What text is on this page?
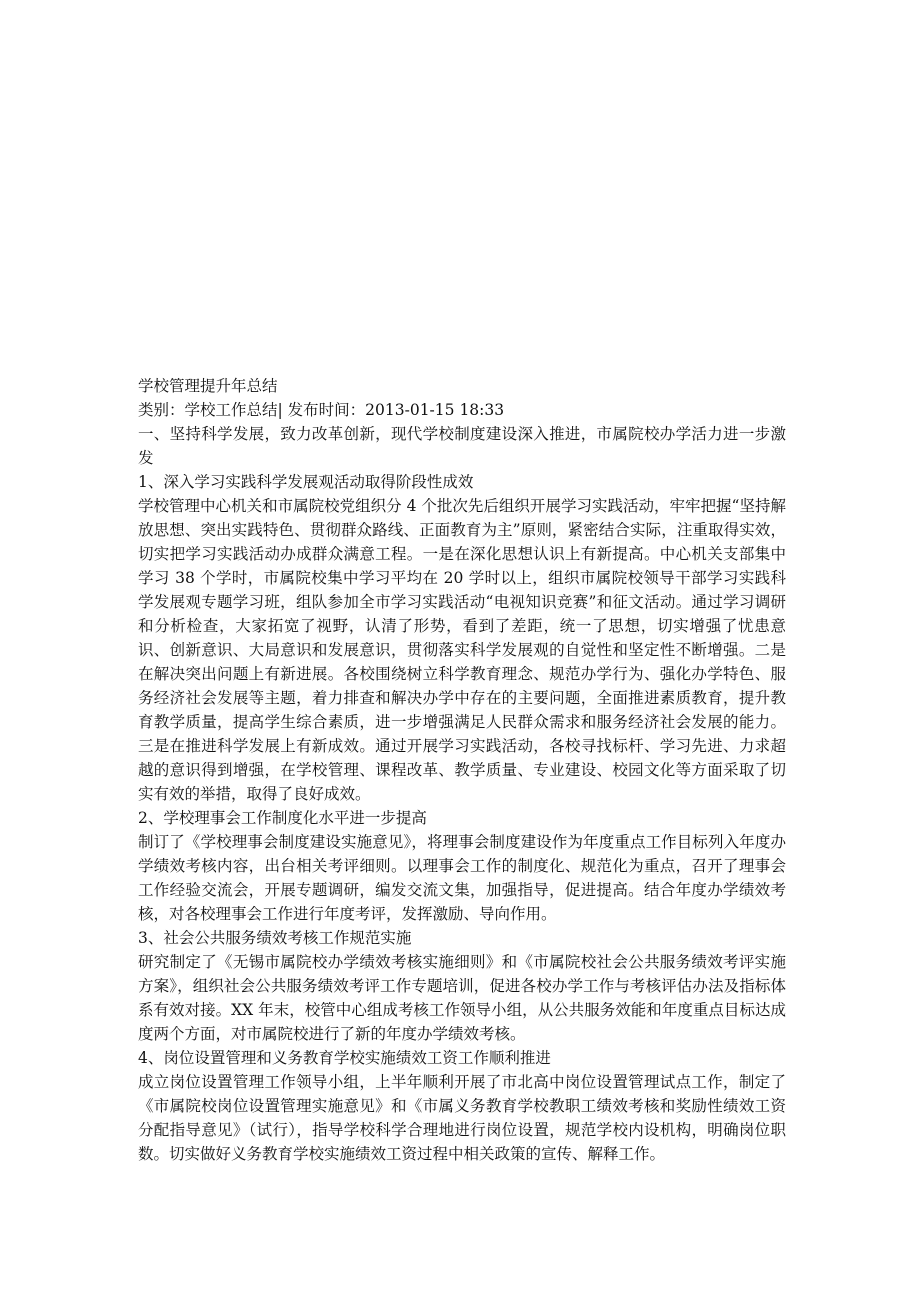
学校管理提升年总结

类别：学校工作总结| 发布时间：2013-01-15 18:33

一、坚持科学发展，致力改革创新，现代学校制度建设深入推进，市属院校办学活力进一步激发

1、深入学习实践科学发展观活动取得阶段性成效

学校管理中心机关和市属院校党组织分 4 个批次先后组织开展学习实践活动，牢牢把握“坚持解放思想、突出实践特色、贯彻群众路线、正面教育为主”原则，紧密结合实际，注重取得实效，切实把学习实践活动办成群众满意工程。一是在深化思想认识上有新提高。中心机关支部集中学习 38 个学时，市属院校集中学习平均在 20 学时以上，组织市属院校领导干部学习实践科学发展观专题学习班，组队参加全市学习实践活动“电视知识竞赛”和征文活动。通过学习调研和分析检查，大家拓宽了视野，认清了形势，看到了差距，统一了思想，切实增强了忧患意识、创新意识、大局意识和发展意识，贯彻落实科学发展观的自觉性和坚定性不断增强。二是在解决突出问题上有新进展。各校围绕树立科学教育理念、规范办学行为、强化办学特色、服务经济社会发展等主题，着力排查和解决办学中存在的主要问题，全面推进素质教育，提升教育教学质量，提高学生综合素质，进一步增强满足人民群众需求和服务经济社会发展的能力。三是在推进科学发展上有新成效。通过开展学习实践活动，各校寻找标杆、学习先进、力求超越的意识得到增强，在学校管理、课程改革、教学质量、专业建设、校园文化等方面采取了切实有效的举措，取得了良好成效。

2、学校理事会工作制度化水平进一步提高

制订了《学校理事会制度建设实施意见》，将理事会制度建设作为年度重点工作目标列入年度办学绩效考核内容，出台相关考评细则。以理事会工作的制度化、规范化为重点，召开了理事会工作经验交流会，开展专题调研，编发交流文集，加强指导，促进提高。结合年度办学绩效考核，对各校理事会工作进行年度考评，发挥激励、导向作用。

3、社会公共服务绩效考核工作规范实施

研究制定了《无锡市属院校办学绩效考核实施细则》和《市属院校社会公共服务绩效考评实施方案》，组织社会公共服务绩效考评工作专题培训，促进各校办学工作与考核评估办法及指标体系有效对接。XX 年末，校管中心组成考核工作领导小组，从公共服务效能和年度重点目标达成度两个方面，对市属院校进行了新的年度办学绩效考核。

4、岗位设置管理和义务教育学校实施绩效工资工作顺利推进

成立岗位设置管理工作领导小组，上半年顺利开展了市北高中岗位设置管理试点工作，制定了《市属院校岗位设置管理实施意见》和《市属义务教育学校教职工绩效考核和奖励性绩效工资分配指导意见》（试行），指导学校科学合理地进行岗位设置，规范学校内设机构，明确岗位职数。切实做好义务教育学校实施绩效工资过程中相关政策的宣传、解释工作。
